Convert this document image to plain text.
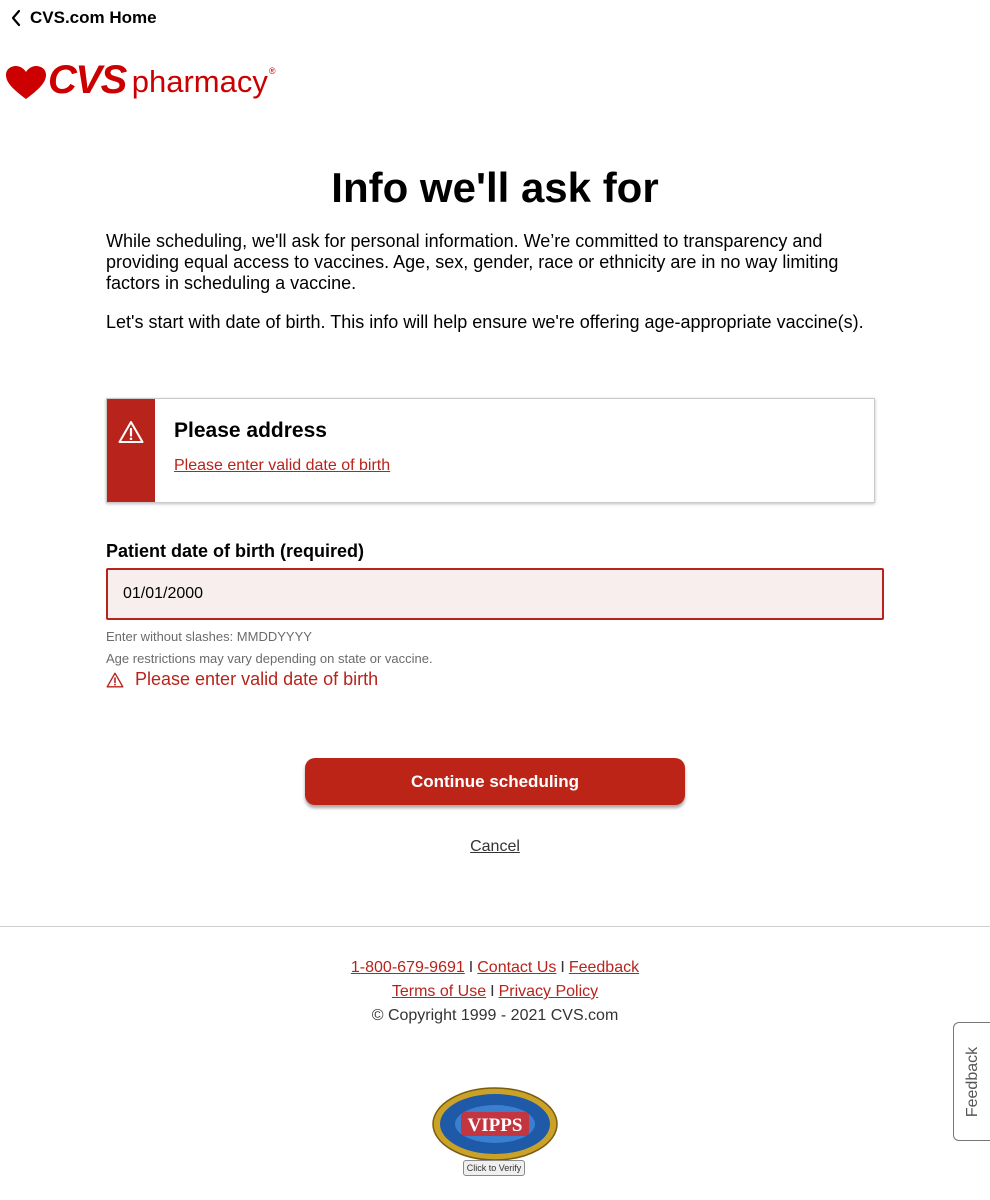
CVS.com Home
CVS pharmacy ®
Info we'll ask for

While scheduling, we'll ask for personal information. We’re committed to transparency and providing equal access to vaccines. Age, sex, gender, race or ethnicity are in no way limiting factors in scheduling a vaccine.

Let's start with date of birth. This info will help ensure we're offering age-appropriate vaccine(s).

Please address
Please enter valid date of birth
Patient date of birth (required)
01/01/2000
Enter without slashes: MMDDYYYY
Age restrictions may vary depending on state or vaccine.
Please enter valid date of birth
Continue scheduling
Cancel
1-800-679-9691 I Contact Us I Feedback
Terms of Use I Privacy Policy
© Copyright 1999 - 2021 CVS.com
Feedback
VIPPS
Click to Verify
